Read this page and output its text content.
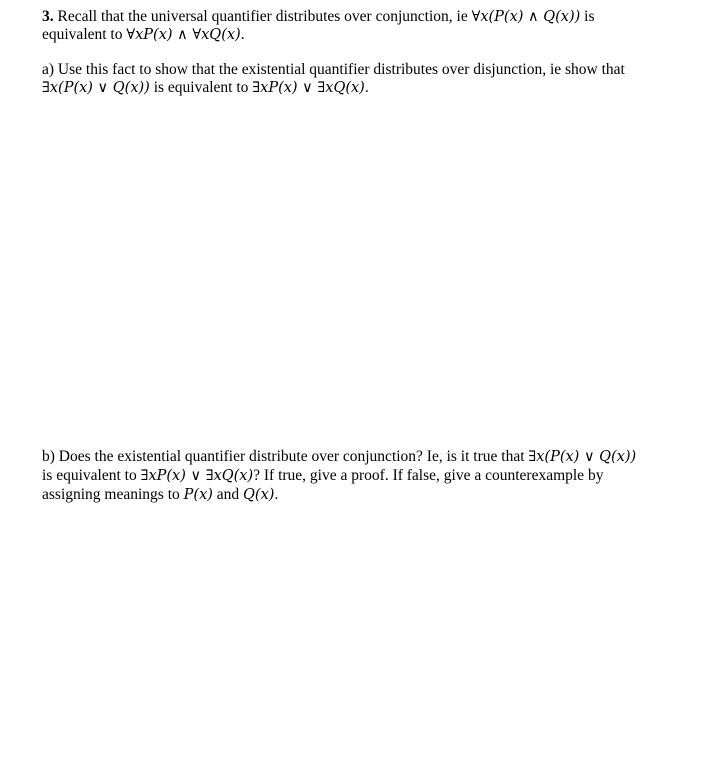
3. Recall that the universal quantifier distributes over conjunction, ie ∀x(P(x) ∧ Q(x)) is
equivalent to ∀xP(x) ∧ ∀xQ(x).
a) Use this fact to show that the existential quantifier distributes over disjunction, ie show that
∃x(P(x) ∨ Q(x)) is equivalent to ∃xP(x) ∨ ∃xQ(x).
b) Does the existential quantifier distribute over conjunction? Ie, is it true that ∃x(P(x) ∨ Q(x))
is equivalent to ∃xP(x) ∨ ∃xQ(x)? If true, give a proof. If false, give a counterexample by
assigning meanings to P(x) and Q(x).
